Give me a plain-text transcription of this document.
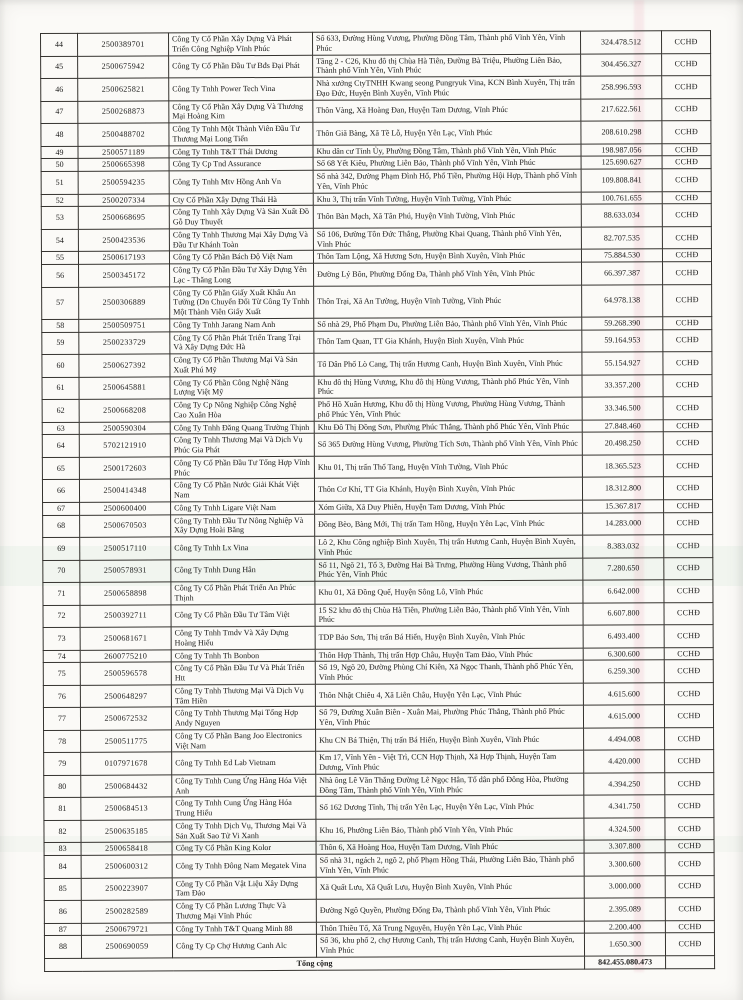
44	2500389701	Công Ty Cổ Phần Xây Dựng Và Phát Triển Công Nghiệp Vĩnh Phúc	Số 633, Đường Hùng Vương, Phường Đồng Tâm, Thành phố Vĩnh Yên, Vĩnh Phúc	324.478.512	CCHĐ
45	2500675942	Công Ty Cổ Phần Đầu Tư Bđs Đại Phát	Tầng 2 - C26, Khu đô thị Chùa Hà Tiên, Đường Bà Triệu, Phường Liên Bảo, Thành phố Vĩnh Yên, Vĩnh Phúc	304.456.327	CCHĐ
46	2500625821	Công Ty Tnhh Power Tech Vina	Nhà xưởng CtyTNHH Kwang seong Pungryuk Vina, KCN Bình Xuyên, Thị trấn Đạo Đức, Huyện Bình Xuyên, Vĩnh Phúc	258.996.593	CCHĐ
47	2500268873	Công Ty Cổ Phần Xây Dựng Và Thương Mại Hoàng Kim	Thôn Vàng, Xã Hoàng Đan, Huyện Tam Dương, Vĩnh Phúc	217.622.561	CCHĐ
48	2500488702	Công Ty Tnhh Một Thành Viên Đầu Tư Thương Mại Long Tiến	Thôn Giã Bàng, Xã Tề Lỗ, Huyện Yên Lạc, Vĩnh Phúc	208.610.298	CCHĐ
49	2500571189	Công Ty Tnhh T&T Thái Dương	Khu dân cư Tỉnh Ủy, Phường Đồng Tâm, Thành phố Vĩnh Yên, Vĩnh Phúc	198.987.056	CCHĐ
50	2500665398	Công Ty Cp Tnd Assurance	Số 68 Yết Kiêu, Phường Liên Bảo, Thành phố Vĩnh Yên, Vĩnh Phúc	125.690.627	CCHĐ
51	2500594235	Công Ty Tnhh Mtv Hồng Anh Vn	Số nhà 342, Đường Phạm Đình Hổ, Phố Tiền, Phường Hội Hợp, Thành phố Vĩnh Yên, Vĩnh Phúc	109.808.841	CCHĐ
52	2500207334	Cty Cổ Phần Xây Dựng Thái Hà	Khu 3, Thị trấn Vĩnh Tường, Huyện Vĩnh Tường, Vĩnh Phúc	100.761.655	CCHĐ
53	2500668695	Công Ty Tnhh Xây Dựng Và Sản Xuất Đồ Gỗ Duy Thuyết	Thôn Bàn Mạch, Xã Tân Phú, Huyện Vĩnh Tường, Vĩnh Phúc	88.633.034	CCHĐ
54	2500423536	Công Ty Tnhh Thương Mại Xây Dựng Và Đầu Tư Khánh Toàn	Số 106, Đường Tôn Đức Thắng, Phường Khai Quang, Thành phố Vĩnh Yên, Vĩnh Phúc	82.707.535	CCHĐ
55	2500617193	Công Ty Cổ Phần Bách Độ Việt Nam	Thôn Tam Lộng, Xã Hương Sơn, Huyện Bình Xuyên, Vĩnh Phúc	75.884.530	CCHĐ
56	2500345172	Công Ty Cổ Phần Đầu Tư Xây Dựng Yên Lạc - Thăng Long	Đường Lý Bôn, Phường Đống Đa, Thành phố Vĩnh Yên, Vĩnh Phúc	66.397.387	CCHĐ
57	2500306889	Công Ty Cổ Phần Giấy Xuất Khẩu An Tường (Dn Chuyển Đổi Từ Công Ty Tnhh Một Thành Viên Giấy Xuất	Thôn Trại, Xã An Tường, Huyện Vĩnh Tường, Vĩnh Phúc	64.978.138	CCHĐ
58	2500509751	Công Ty Tnhh Jarang Nam Anh	Số nhà 29, Phố Phạm Du, Phường Liên Bảo, Thành phố Vĩnh Yên, Vĩnh Phúc	59.268.390	CCHĐ
59	2500233729	Công Ty Cổ Phần Phát Triển Trang Trại Và Xây Dựng Đức Hà	Thôn Tam Quan, TT Gia Khánh, Huyện Bình Xuyên, Vĩnh Phúc	59.164.953	CCHĐ
60	2500627392	Công Ty Cổ Phần Thương Mại Và Sản Xuất Phú Mỹ	Tổ Dân Phố Lò Cang, Thị trấn Hương Canh, Huyện Bình Xuyên, Vĩnh Phúc	55.154.927	CCHĐ
61	2500645881	Công Ty Cổ Phần Công Nghệ Năng Lượng Việt Mỹ	Khu đô thị Hùng Vương, Khu đô thị Hùng Vương, Thành phố Phúc Yên, Vĩnh Phúc	33.357.200	CCHĐ
62	2500668208	Công Ty Cp Nông Nghiệp Công Nghệ Cao Xuân Hòa	Phố Hồ Xuân Hương, Khu đô thị Hùng Vương, Phường Hùng Vương, Thành phố Phúc Yên, Vĩnh Phúc	33.346.500	CCHĐ
63	2500590304	Công Ty Tnhh Đăng Quang Trường Thịnh	Khu Đô Thị Đồng Sơn, Phường Phúc Thắng, Thành phố Phúc Yên, Vĩnh Phúc	27.848.460	CCHĐ
64	5702121910	Công Ty Tnhh Thương Mại Và Dịch Vụ Phúc Gia Phát	Số 365 Đường Hùng Vương, Phường Tích Sơn, Thành phố Vĩnh Yên, Vĩnh Phúc	20.498.250	CCHĐ
65	2500172603	Công Ty Cổ Phần Đầu Tư Tổng Hợp Vĩnh Phúc	Khu 01, Thị trấn Thổ Tang, Huyện Vĩnh Tường, Vĩnh Phúc	18.365.523	CCHĐ
66	2500414348	Công Ty Cổ Phần Nước Giải Khát Việt Nam	Thôn Cơ Khí, TT Gia Khánh, Huyện Bình Xuyên, Vĩnh Phúc	18.312.800	CCHĐ
67	2500600400	Công Ty Tnhh Ligare Việt Nam	Xóm Giữa, Xã Duy Phiên, Huyện Tam Dương, Vĩnh Phúc	15.367.817	CCHĐ
68	2500670503	Công Ty Tnhh Đầu Tư Nông Nghiệp Và Xây Dựng Hoài Băng	Đồng Bèo, Bàng Mới, Thị trấn Tam Hồng, Huyện Yên Lạc, Vĩnh Phúc	14.283.000	CCHĐ
69	2500517110	Công Ty Tnhh Lx Vina	Lô 2, Khu Công nghiệp Bình Xuyên, Thị trấn Hương Canh, Huyện Bình Xuyên, Vĩnh Phúc	8.383.032	CCHĐ
70	2500578931	Công Ty Tnhh Dung Hân	Số 11, Ngõ 21, Tổ 3, Đường Hai Bà Trưng, Phường Hùng Vương, Thành phố Phúc Yên, Vĩnh Phúc	7.280.650	CCHĐ
71	2500658898	Công Ty Cổ Phần Phát Triển An Phúc Thịnh	Khu 01, Xã Đồng Quế, Huyện Sông Lô, Vĩnh Phúc	6.642.000	CCHĐ
72	2500392711	Công Ty Cổ Phần Đầu Tư Tâm Việt	15 S2 khu đô thị Chùa Hà Tiên, Phường Liên Bảo, Thành phố Vĩnh Yên, Vĩnh Phúc	6.607.800	CCHĐ
73	2500681671	Công Ty Tnhh Tmdv Và Xây Dựng Hoàng Hiếu	TDP Bảo Sơn, Thị trấn Bá Hiến, Huyện Bình Xuyên, Vĩnh Phúc	6.493.400	CCHĐ
74	2600775210	Công Ty Tnhh Th Bonbon	Thôn Hợp Thành, Thị trấn Hợp Châu, Huyện Tam Đảo, Vĩnh Phúc	6.300.600	CCHĐ
75	2500596578	Công Ty Cổ Phần Đầu Tư Và Phát Triển Htt	Số 19, Ngõ 20, Đường Phùng Chí Kiên, Xã Ngọc Thanh, Thành phố Phúc Yên, Vĩnh Phúc	6.259.300	CCHĐ
76	2500648297	Công Ty Tnhh Thương Mại Và Dịch Vụ Tâm Hiền	Thôn Nhật Chiêu 4, Xã Liên Châu, Huyện Yên Lạc, Vĩnh Phúc	4.615.600	CCHĐ
77	2500672532	Công Ty Tnhh Thương Mại Tổng Hợp Andy Nguyen	Số 79, Đường Xuân Biên - Xuân Mai, Phường Phúc Thắng, Thành phố Phúc Yên, Vĩnh Phúc	4.615.000	CCHĐ
78	2500511775	Công Ty Cổ Phần Bang Joo Electronics Việt Nam	Khu CN Bá Thiện, Thị trấn Bá Hiến, Huyện Bình Xuyên, Vĩnh Phúc	4.494.008	CCHĐ
79	0107971678	Công Ty Tnhh Ed Lab Vietnam	Km 17, Vĩnh Yên - Việt Trì, CCN Hợp Thịnh, Xã Hợp Thịnh, Huyện Tam Dương, Vĩnh Phúc	4.420.000	CCHĐ
80	2500684432	Công Ty Tnhh Cung Ứng Hàng Hóa Việt Anh	Nhà ông Lê Văn Thắng Đường Lê Ngọc Hân, Tổ dân phố Đông Hòa, Phường Đồng Tâm, Thành phố Vĩnh Yên, Vĩnh Phúc	4.394.250	CCHĐ
81	2500684513	Công Ty Tnhh Cung Ứng Hàng Hóa Trung Hiếu	Số 162 Dương Tĩnh, Thị trấn Yên Lạc, Huyện Yên Lạc, Vĩnh Phúc	4.341.750	CCHĐ
82	2500635185	Công Ty Tnhh Dịch Vụ, Thương Mại Và Sản Xuất Sao Tử Vi Xanh	Khu 16, Phường Liên Bảo, Thành phố Vĩnh Yên, Vĩnh Phúc	4.324.500	CCHĐ
83	2500658418	Công Ty Cổ Phần King Kolor	Thôn 6, Xã Hoàng Hoa, Huyện Tam Dương, Vĩnh Phúc	3.307.800	CCHĐ
84	2500600312	Công Ty Tnhh Đông Nam Megatek Vina	Số nhà 31, ngách 2, ngõ 2, phố Phạm Hồng Thái, Phường Liên Bảo, Thành phố Vĩnh Yên, Vĩnh Phúc	3.300.600	CCHĐ
85	2500223907	Công Ty Cổ Phần Vật Liệu Xây Dựng Tam Đảo	Xã Quất Lưu, Xã Quất Lưu, Huyện Bình Xuyên, Vĩnh Phúc	3.000.000	CCHĐ
86	2500282589	Công Ty Cổ Phần Lương Thực Và Thương Mại Vĩnh Phúc	Đường Ngô Quyền, Phường Đống Đa, Thành phố Vĩnh Yên, Vĩnh Phúc	2.395.089	CCHĐ
87	2500679721	Công Ty Tnhh T&T Quang Minh 88	Thôn Thiều Tổ, Xã Trung Nguyên, Huyện Yên Lạc, Vĩnh Phúc	2.200.400	CCHĐ
88	2500690059	Công Ty Cp Chợ Hương Canh Alc	Số 36, khu phố 2, chợ Hương Canh, Thị trấn Hương Canh, Huyện Bình Xuyên, Vĩnh Phúc	1.650.300	CCHĐ
Tổng cộng				842.455.080.473	
